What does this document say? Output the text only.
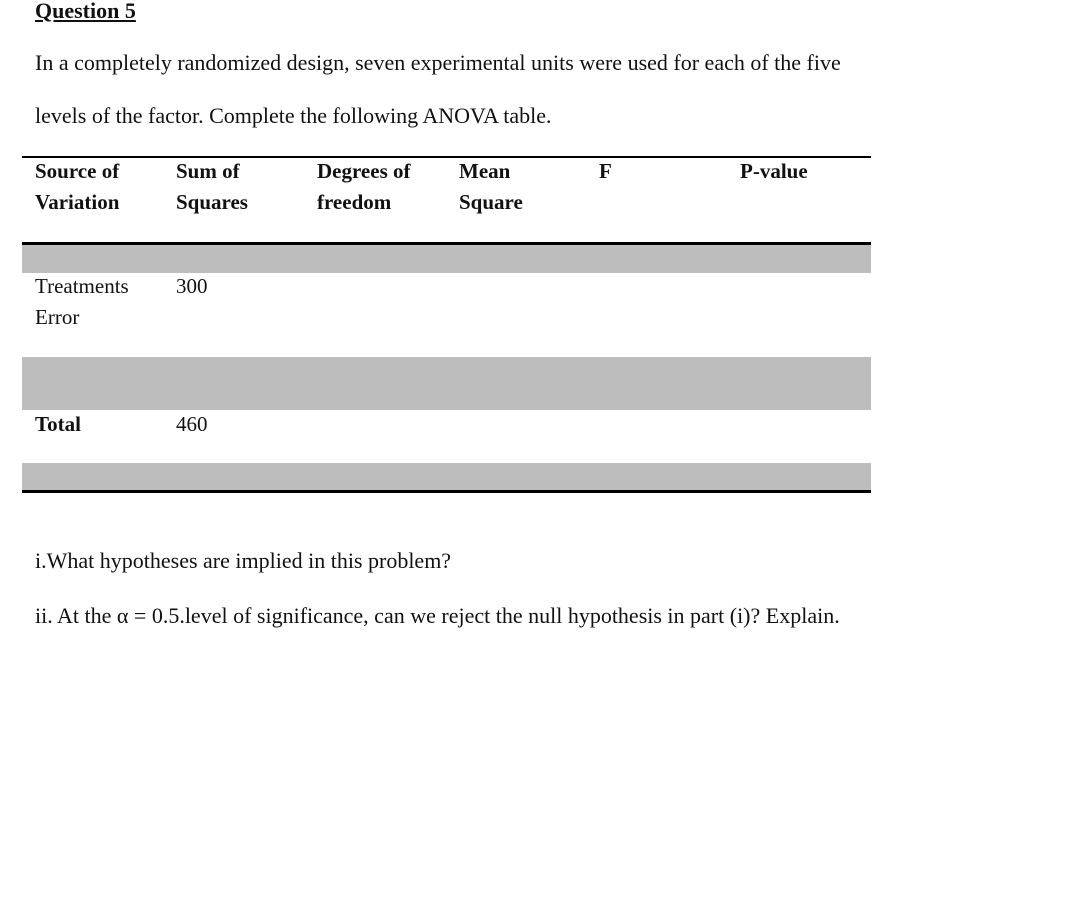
Question 5

In a completely randomized design, seven experimental units were used for each of the five

levels of the factor. Complete the following ANOVA table.

Source of
Variation
Sum of
Squares
Degrees of
freedom
Mean
Square
F	P-value
Treatments 300
Error
Total	460

i.What hypotheses are implied in this problem?

ii. At the α = 0.5.level of significance, can we reject the null hypothesis in part (i)? Explain.
